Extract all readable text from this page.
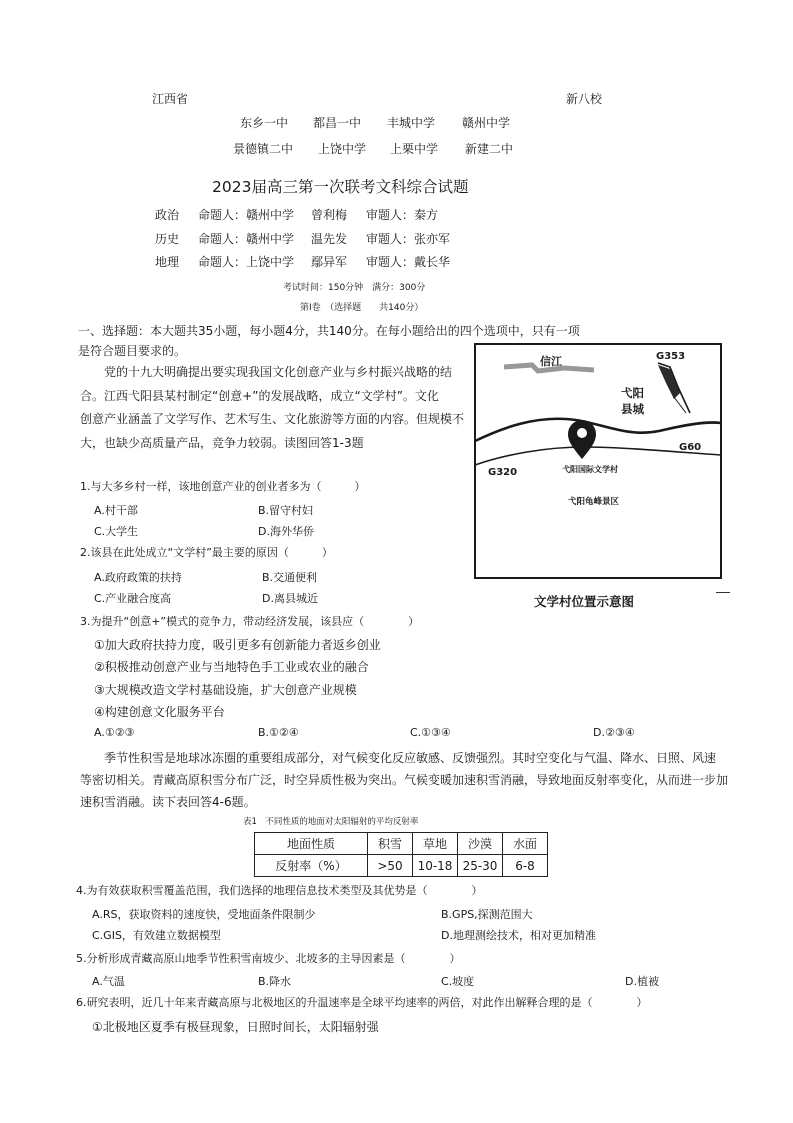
江西省	新八校
东乡一中 都昌一中 丰城中学 赣州中学
景德镇二中 上饶中学 上栗中学 新建二中
2023届高三第一次联考文科综合试题
政治 命题人： 赣州中学 曾利梅 审题人： 秦方
历史 命题人： 赣州中学 温先发 审题人： 张亦军
地理 命题人： 上饶中学 鄢异军 审题人： 戴长华
考试时间：150分钟　满分：300分
第Ⅰ卷　（选择题　　共140分）
一、选择题：本大题共35小题，每小题4分，共140分。在每小题给出的四个选项中，只有一项
是符合题目要求的。
党的十九大明确提出要实现我国文化创意产业与乡村振兴战略的结
合。江西弋阳县某村制定“创意+”的发展战略，成立“文学村”。文化
创意产业涵盖了文学写作、艺术写生、文化旅游等方面的内容。但规模不
大，也缺少高质量产品，竞争力较弱。读图回答1-3题
信江	G353
弋阳
县城
G60
G320	弋阳国际文学村
弋阳龟峰景区
文学村位置示意图
1.与大多乡村一样，该地创意产业的创业者多为（　　　）
A.村干部	B.留守村妇
C.大学生	D.海外华侨
2.该县在此处成立“文学村”最主要的原因（　　　）
A.政府政策的扶持	B.交通便利
C.产业融合度高	D.离县城近
3.为提升“创意+”模式的竞争力，带动经济发展，该县应（　　　　）
①加大政府扶持力度，吸引更多有创新能力者返乡创业
②积极推动创意产业与当地特色手工业或农业的融合
③大规模改造文学村基础设施，扩大创意产业规模
④构建创意文化服务平台
A.①②③	B.①②④	C.①③④	D.②③④
季节性积雪是地球冰冻圈的重要组成部分，对气候变化反应敏感、反馈强烈。其时空变化与气温、降水、日照、风速
等密切相关。青藏高原积雪分布广泛，时空异质性极为突出。气候变暖加速积雪消融，导致地面反射率变化，从而进一步加
速积雪消融。读下表回答4-6题。
表1　不同性质的地面对太阳辐射的平均反射率
地面性质	积雪	草地	沙漠	水面
反射率（%）	>50	10-18	25-30	6-8
4.为有效获取积雪覆盖范围，我们选择的地理信息技术类型及其优势是（　　　　）
A.RS，获取资料的速度快，受地面条件限制少	B.GPS,探测范围大
C.GIS，有效建立数据模型	D.地理测绘技术，相对更加精准
5.分析形成青藏高原山地季节性积雪南坡少、北坡多的主导因素是（　　　　）
A.气温	B.降水	C.坡度	D.植被
6.研究表明，近几十年来青藏高原与北极地区的升温速率是全球平均速率的两倍，对此作出解释合理的是（　　　　）
①北极地区夏季有极昼现象，日照时间长，太阳辐射强
